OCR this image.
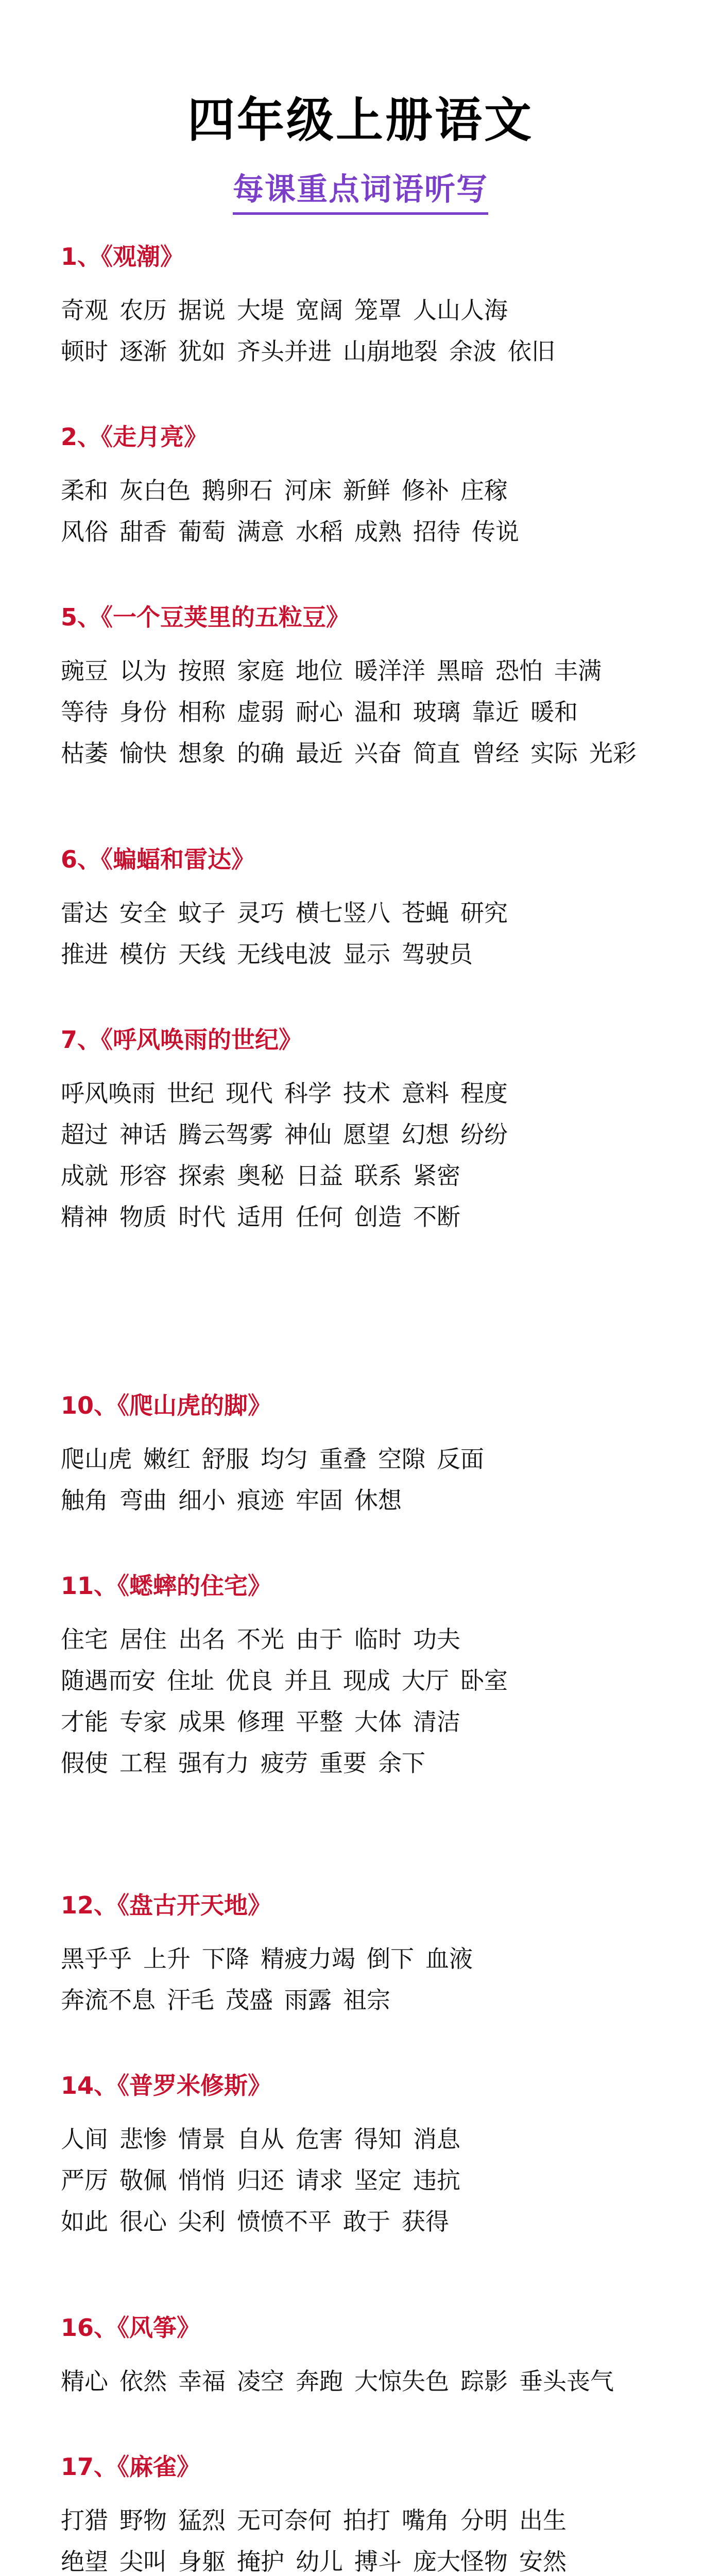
四年级上册语文
每课重点词语听写
1、《观潮》
奇观 农历 据说 大堤 宽阔 笼罩 人山人海
顿时 逐渐 犹如 齐头并进 山崩地裂 余波 依旧
2、《走月亮》
柔和 灰白色 鹅卵石 河床 新鲜 修补 庄稼
风俗 甜香 葡萄 满意 水稻 成熟 招待 传说
5、《一个豆荚里的五粒豆》
豌豆 以为 按照 家庭 地位 暖洋洋 黑暗 恐怕 丰满
等待 身份 相称 虚弱 耐心 温和 玻璃 靠近 暖和
枯萎 愉快 想象 的确 最近 兴奋 简直 曾经 实际 光彩
6、《蝙蝠和雷达》
雷达 安全 蚊子 灵巧 横七竖八 苍蝇 研究
推进 模仿 天线 无线电波 显示 驾驶员
7、《呼风唤雨的世纪》
呼风唤雨 世纪 现代 科学 技术 意料 程度
超过 神话 腾云驾雾 神仙 愿望 幻想 纷纷
成就 形容 探索 奥秘 日益 联系 紧密
精神 物质 时代 适用 任何 创造 不断
10、《爬山虎的脚》
爬山虎 嫩红 舒服 均匀 重叠 空隙 反面
触角 弯曲 细小 痕迹 牢固 休想
11、《蟋蟀的住宅》
住宅 居住 出名 不光 由于 临时 功夫
随遇而安 住址 优良 并且 现成 大厅 卧室
才能 专家 成果 修理 平整 大体 清洁
假使 工程 强有力 疲劳 重要 余下
12、《盘古开天地》
黑乎乎 上升 下降 精疲力竭 倒下 血液
奔流不息 汗毛 茂盛 雨露 祖宗
14、《普罗米修斯》
人间 悲惨 情景 自从 危害 得知 消息
严厉 敬佩 悄悄 归还 请求 坚定 违抗
如此 很心 尖利 愤愤不平 敢于 获得
16、《风筝》
精心 依然 幸福 凌空 奔跑 大惊失色 踪影 垂头丧气
17、《麻雀》
打猎 野物 猛烈 无可奈何 拍打 嘴角 分明 出生
绝望 尖叫 身躯 掩护 幼儿 搏斗 庞大怪物 安然
